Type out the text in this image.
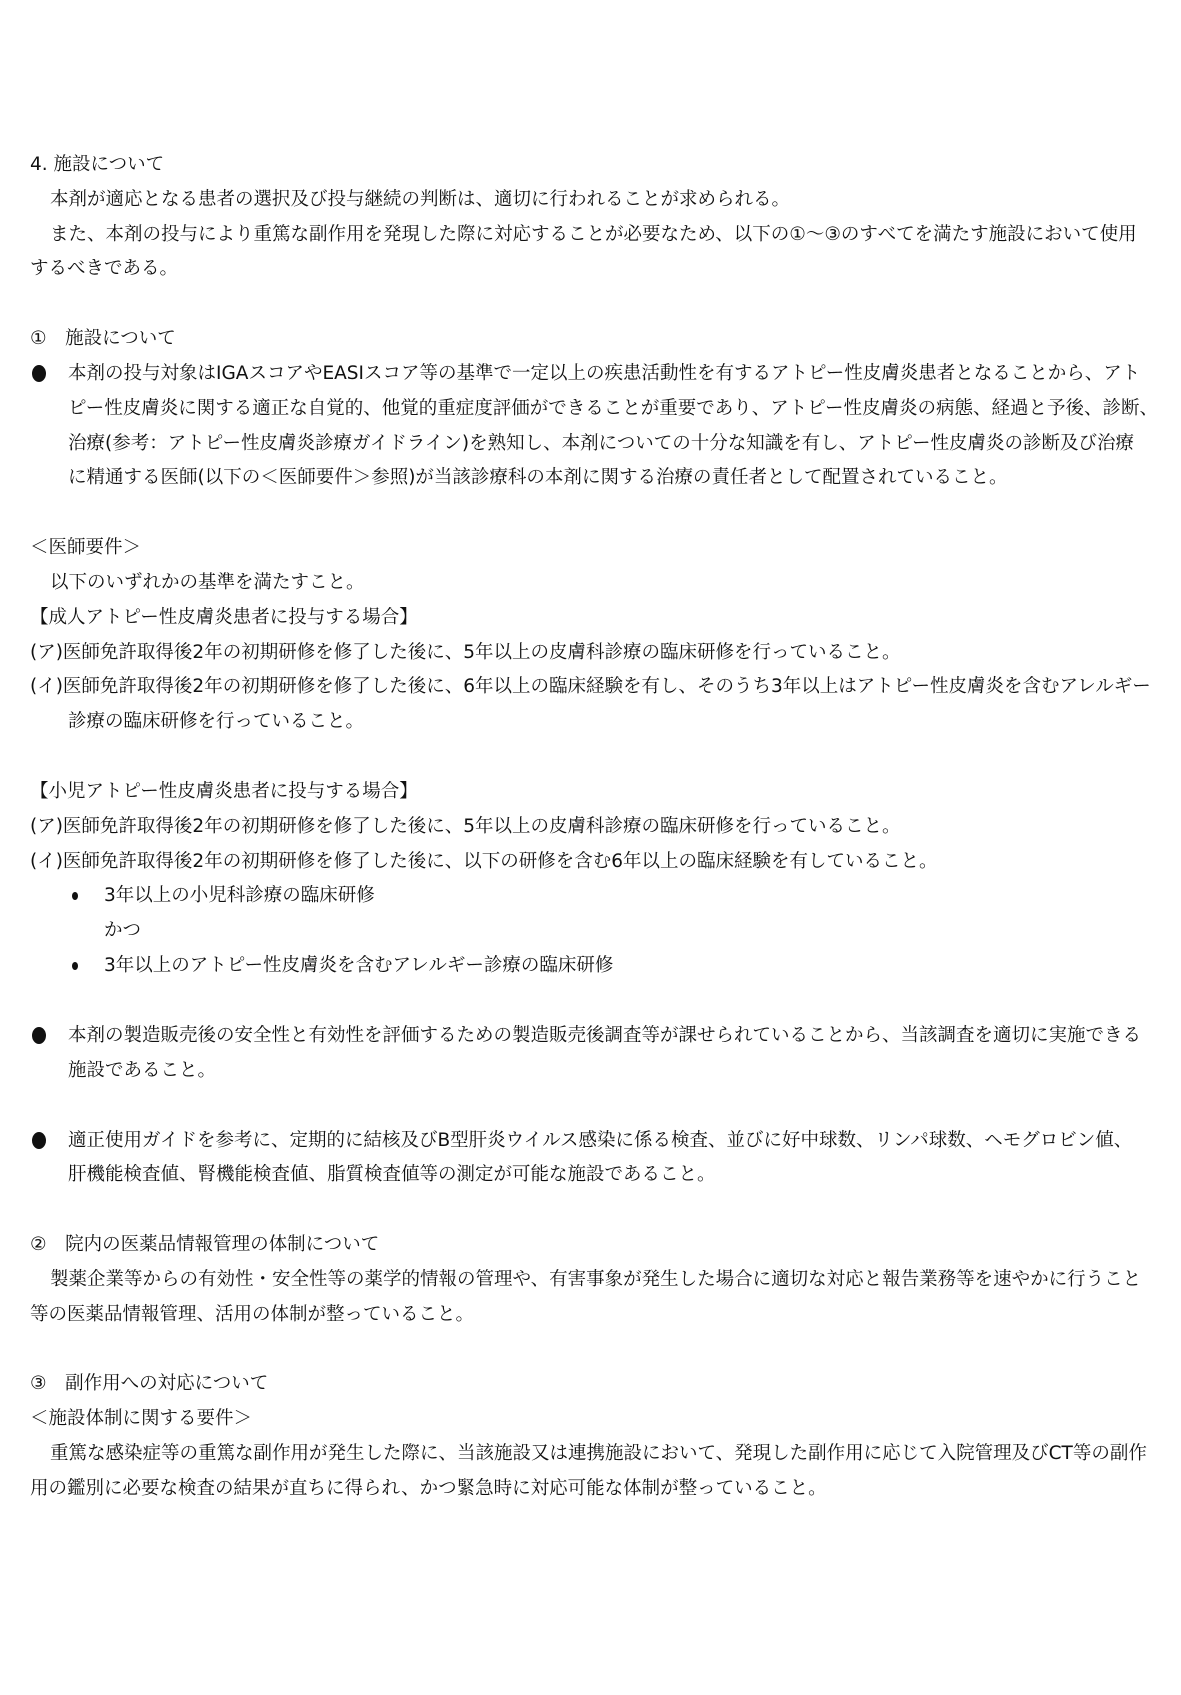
4. 施設について
本剤が適応となる患者の選択及び投与継続の判断は、適切に行われることが求められる。
また、本剤の投与により重篤な副作用を発現した際に対応することが必要なため、以下の①～③のすべてを満たす施設において使用
するべきである。
①　施設について
本剤の投与対象はIGAスコアやEASIスコア等の基準で一定以上の疾患活動性を有するアトピー性皮膚炎患者となることから、アト
ピー性皮膚炎に関する適正な自覚的、他覚的重症度評価ができることが重要であり、アトピー性皮膚炎の病態、経過と予後、診断、
治療(参考：アトピー性皮膚炎診療ガイドライン)を熟知し、本剤についての十分な知識を有し、アトピー性皮膚炎の診断及び治療
に精通する医師(以下の＜医師要件＞参照)が当該診療科の本剤に関する治療の責任者として配置されていること。
＜医師要件＞
以下のいずれかの基準を満たすこと。
【成人アトピー性皮膚炎患者に投与する場合】
(ア)医師免許取得後2年の初期研修を修了した後に、5年以上の皮膚科診療の臨床研修を行っていること。
(イ)医師免許取得後2年の初期研修を修了した後に、6年以上の臨床経験を有し、そのうち3年以上はアトピー性皮膚炎を含むアレルギー
診療の臨床研修を行っていること。
【小児アトピー性皮膚炎患者に投与する場合】
(ア)医師免許取得後2年の初期研修を修了した後に、5年以上の皮膚科診療の臨床研修を行っていること。
(イ)医師免許取得後2年の初期研修を修了した後に、以下の研修を含む6年以上の臨床経験を有していること。
3年以上の小児科診療の臨床研修
かつ
3年以上のアトピー性皮膚炎を含むアレルギー診療の臨床研修
本剤の製造販売後の安全性と有効性を評価するための製造販売後調査等が課せられていることから、当該調査を適切に実施できる
施設であること。
適正使用ガイドを参考に、定期的に結核及びB型肝炎ウイルス感染に係る検査、並びに好中球数、リンパ球数、ヘモグロビン値、
肝機能検査値、腎機能検査値、脂質検査値等の測定が可能な施設であること。
②　院内の医薬品情報管理の体制について
製薬企業等からの有効性・安全性等の薬学的情報の管理や、有害事象が発生した場合に適切な対応と報告業務等を速やかに行うこと
等の医薬品情報管理、活用の体制が整っていること。
③　副作用への対応について
＜施設体制に関する要件＞
重篤な感染症等の重篤な副作用が発生した際に、当該施設又は連携施設において、発現した副作用に応じて入院管理及びCT等の副作
用の鑑別に必要な検査の結果が直ちに得られ、かつ緊急時に対応可能な体制が整っていること。
